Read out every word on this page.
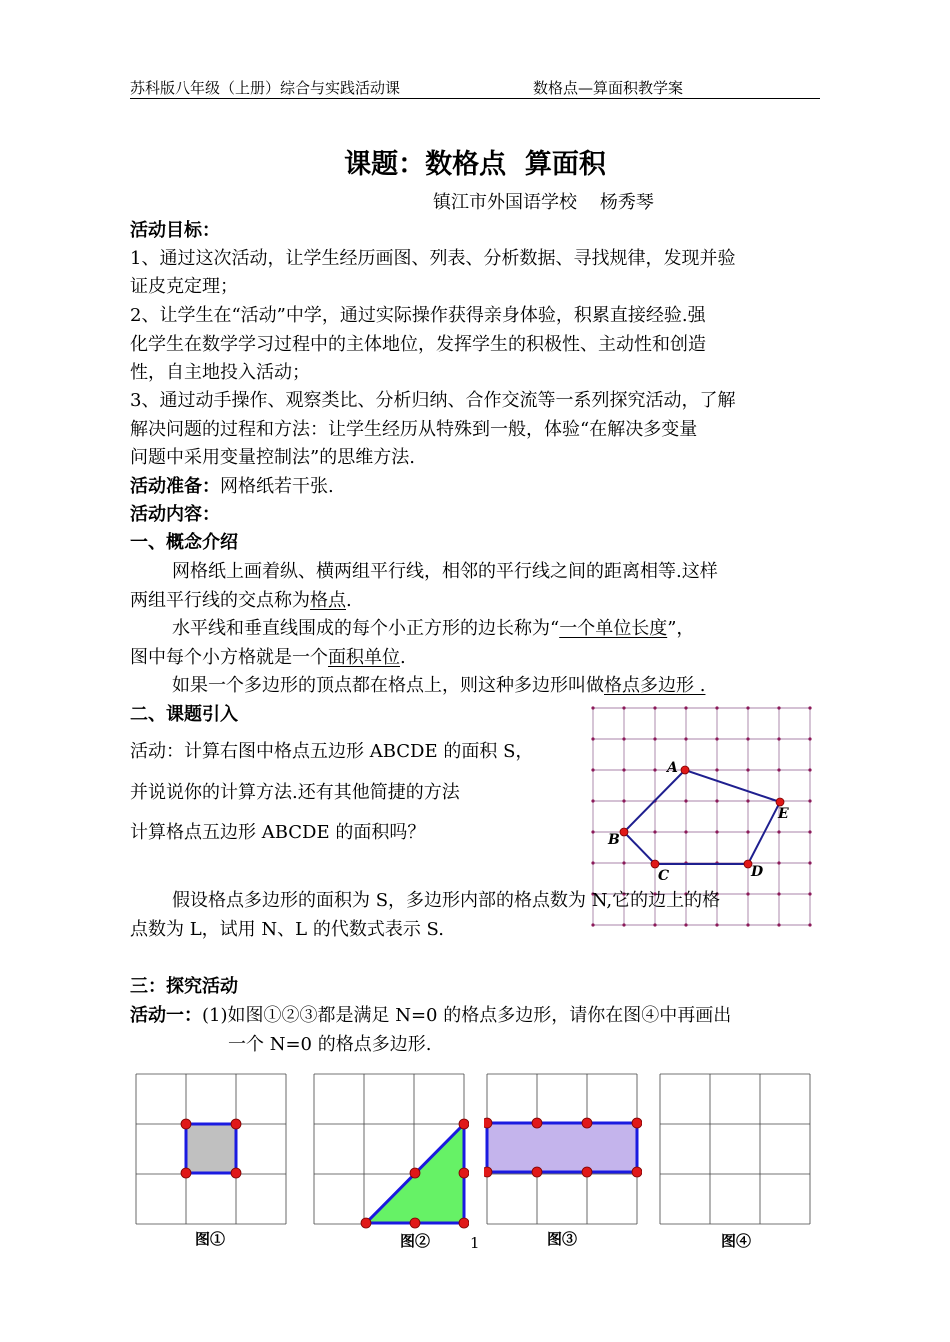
苏科版八年级（上册）综合与实践活动课	数格点—算面积教学案
课题：数格点  算面积
镇江市外国语学校    杨秀琴
活动目标：
1、通过这次活动，让学生经历画图、列表、分析数据、寻找规律，发现并验
证皮克定理；
2、让学生在“活动”中学，通过实际操作获得亲身体验，积累直接经验.强
化学生在数学学习过程中的主体地位，发挥学生的积极性、主动性和创造
性，自主地投入活动；
3、通过动手操作、观察类比、分析归纳、合作交流等一系列探究活动，了解
解决问题的过程和方法：让学生经历从特殊到一般，体验“在解决多变量
问题中采用变量控制法”的思维方法.
活动准备：网格纸若干张.
活动内容：
一、概念介绍
网格纸上画着纵、横两组平行线，相邻的平行线之间的距离相等.这样
两组平行线的交点称为格点.
水平线和垂直线围成的每个小正方形的边长称为“一个单位长度”，
图中每个小方格就是一个面积单位.
如果一个多边形的顶点都在格点上，则这种多边形叫做格点多边形 .
二、课题引入
活动：计算右图中格点五边形 ABCDE 的面积 S，
并说说你的计算方法.还有其他简捷的方法
计算格点五边形 ABCDE 的面积吗？
A
B
C	D
E
假设格点多边形的面积为 S，多边形内部的格点数为 N,它的边上的格
点数为 L，试用 N、L 的代数式表示 S.
三：探究活动
活动一：(1)如图①②③都是满足 N=0 的格点多边形，请你在图④中再画出
一个 N=0 的格点多边形.
图①	图②	图③	图④
1
